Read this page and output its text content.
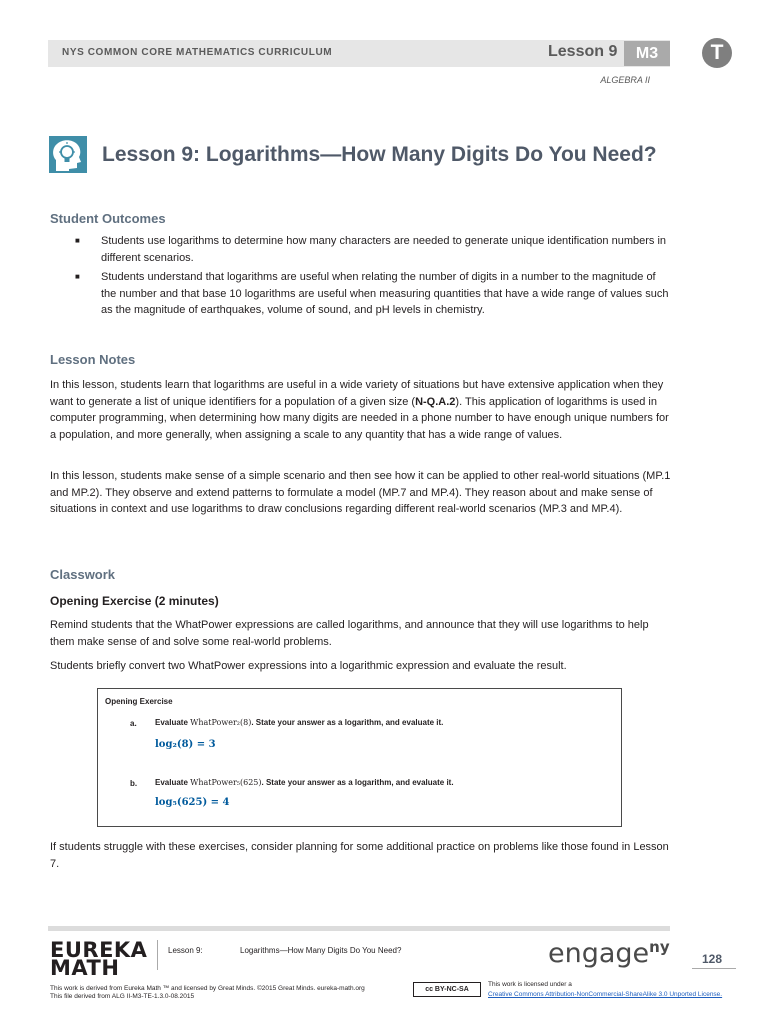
NYS COMMON CORE MATHEMATICS CURRICULUM	Lesson 9	M3	T
ALGEBRA II
Lesson 9: Logarithms—How Many Digits Do You Need?
Student Outcomes
■ Students use logarithms to determine how many characters are needed to generate unique identification numbers in different scenarios.
■ Students understand that logarithms are useful when relating the number of digits in a number to the magnitude of the number and that base 10 logarithms are useful when measuring quantities that have a wide range of values such as the magnitude of earthquakes, volume of sound, and pH levels in chemistry.
Lesson Notes
In this lesson, students learn that logarithms are useful in a wide variety of situations but have extensive application when they want to generate a list of unique identifiers for a population of a given size (N-Q.A.2). This application of logarithms is used in computer programming, when determining how many digits are needed in a phone number to have enough unique numbers for a population, and more generally, when assigning a scale to any quantity that has a wide range of values.
In this lesson, students make sense of a simple scenario and then see how it can be applied to other real-world situations (MP.1 and MP.2). They observe and extend patterns to formulate a model (MP.7 and MP.4). They reason about and make sense of situations in context and use logarithms to draw conclusions regarding different real-world scenarios (MP.3 and MP.4).
Classwork
Opening Exercise (2 minutes)
Remind students that the WhatPower expressions are called logarithms, and announce that they will use logarithms to help them make sense of and solve some real-world problems.
Students briefly convert two WhatPower expressions into a logarithmic expression and evaluate the result.
Opening Exercise
a. Evaluate WhatPower₂(8). State your answer as a logarithm, and evaluate it.
log₂(8) = 3
b. Evaluate WhatPower₅(625). State your answer as a logarithm, and evaluate it.
log₅(625) = 4
If students struggle with these exercises, consider planning for some additional practice on problems like those found in Lesson 7.
EUREKA
MATH
Lesson 9:	Logarithms—How Many Digits Do You Need?	engage$^{ny}$
128
This work is derived from Eureka Math ™ and licensed by Great Minds. ©2015 Great Minds. eureka-math.org
This file derived from ALG II-M3-TE-1.3.0-08.2015
cc BY-NC-SA
This work is licensed under a
Creative Commons Attribution-NonCommercial-ShareAlike 3.0 Unported License.
